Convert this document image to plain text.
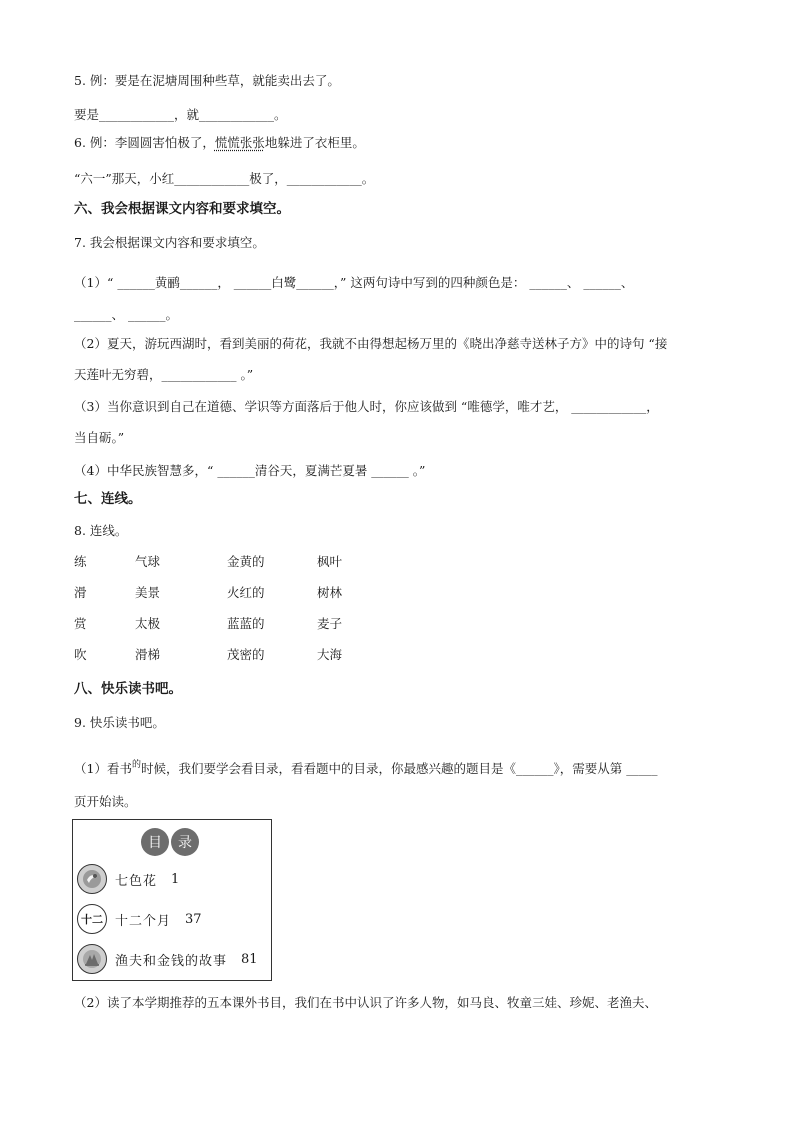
5. 例：要是在泥塘周围种些草，就能卖出去了。
要是____________，就____________。
6. 例：李圆圆害怕极了，慌慌张张地躲进了衣柜里。
“六一”那天，小红____________极了，____________。
六、我会根据课文内容和要求填空。
7. 我会根据课文内容和要求填空。
（1）“ ______黄鹂______， ______白鹭______，” 这两句诗中写到的四种颜色是： ______、 ______、
______、 ______。
（2）夏天，游玩西湖时，看到美丽的荷花，我就不由得想起杨万里的《晓出净慈寺送林子方》中的诗句 “接
天莲叶无穷碧，____________ 。”
（3）当你意识到自己在道德、学识等方面落后于他人时，你应该做到 “唯德学，唯才艺， ____________，
当自砺。”
（4）中华民族智慧多，“ ______清谷天，夏满芒夏暑 ______ 。”
七、连线。
8. 连线。
练
滑
赏
吹
气球
美景
太极
滑梯
金黄的
火红的
蓝蓝的
茂密的
枫叶
树林
麦子
大海
八、快乐读书吧。
9. 快乐读书吧。
（1）看书$^的$时候，我们要学会看目录，看看题中的目录，你最感兴趣的题目是《______》，需要从第 _____
页开始读。
目	录
七色花 1
十二 十二个月 37
渔夫和金钱的故事 81
（2）读了本学期推荐的五本课外书目，我们在书中认识了许多人物，如马良、牧童三娃、珍妮、老渔夫、
